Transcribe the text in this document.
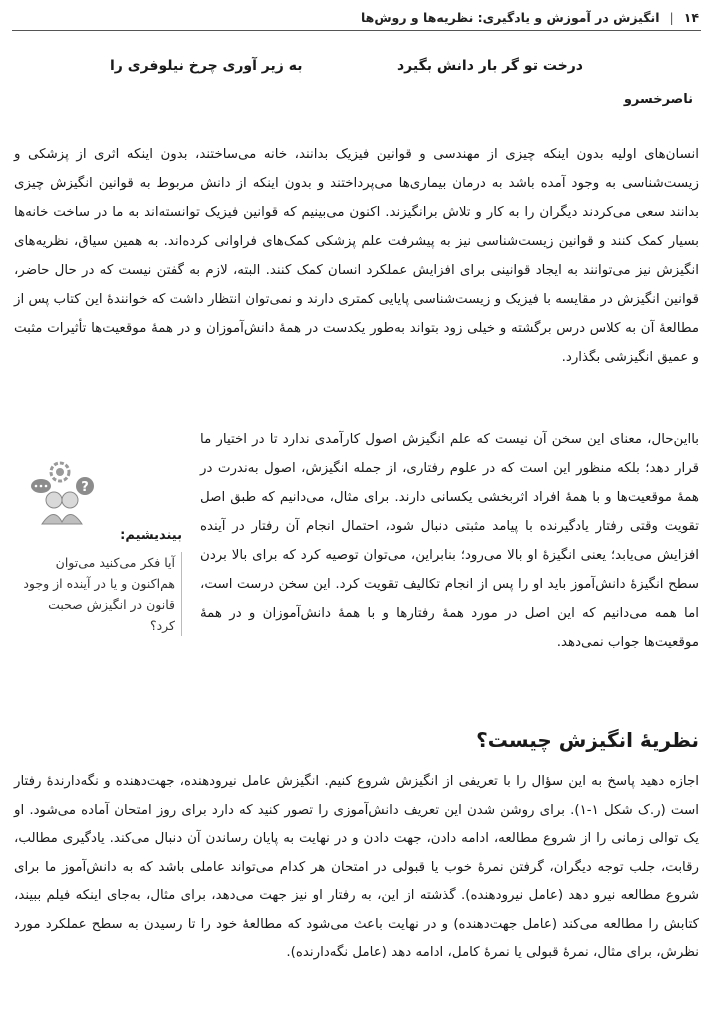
۱۴
|
انگیزش در آموزش و یادگیری: نظریه‌ها و روش‌ها
درخت تو گر بار دانش بگیرد
به زیر آوری چرخ نیلوفری را
ناصرخسرو
انسان‌های اولیه بدون اینکه چیزی از مهندسی و قوانین فیزیک بدانند، خانه می‌ساختند، بدون اینکه اثری از پزشکی و زیست‌شناسی به وجود آمده باشد به درمان بیماری‌ها می‌پرداختند و بدون اینکه از دانش مربوط به قوانین انگیزش چیزی بدانند سعی می‌کردند دیگران را به کار و تلاش برانگیزند. اکنون می‌بینیم که قوانین فیزیک توانسته‌اند به ما در ساخت خانه‌ها بسیار کمک کنند و قوانین زیست‌شناسی نیز به پیشرفت علم پزشکی کمک‌های فراوانی کرده‌اند. به همین سیاق، نظریه‌های انگیزش نیز می‌توانند به ایجاد قوانینی برای افزایش عملکرد انسان کمک کنند. البته، لازم به گفتن نیست که در حال حاضر، قوانین انگیزش در مقایسه با فیزیک و زیست‌شناسی پایایی کمتری دارند و نمی‌توان انتظار داشت که خوانندهٔ این کتاب پس از مطالعهٔ آن به کلاس درس برگشته و خیلی زود بتواند به‌طور یکدست در همهٔ دانش‌آموزان و در همهٔ موقعیت‌ها تأثیرات مثبت و عمیق انگیزشی بگذارد.
بااین‌حال، معنای این سخن آن نیست که علم انگیزش اصول کارآمدی ندارد تا در اختیار ما قرار دهد؛ بلکه منظور این است که در علوم رفتاری، از جمله انگیزش، اصول به‌ندرت در همهٔ موقعیت‌ها و با همهٔ افراد اثربخشی یکسانی دارند. برای مثال، می‌دانیم که طبق اصل تقویت وقتی رفتار یادگیرنده با پیامد مثبتی دنبال شود، احتمال انجام آن رفتار در آینده افزایش می‌یابد؛ یعنی انگیزهٔ او بالا می‌رود؛ بنابراین، می‌توان توصیه کرد که برای بالا بردن سطح انگیزهٔ دانش‌آموز باید او را پس از انجام تکالیف تقویت کرد. این سخن درست است، اما همه می‌دانیم که این اصل در مورد همهٔ رفتارها و با همهٔ دانش‌آموزان و در همهٔ موقعیت‌ها جواب نمی‌دهد.
?
بیندیشیم:
آیا فکر می‌کنید می‌توان هم‌اکنون و یا در آینده از وجود قانون در انگیزش صحبت کرد؟
نظریهٔ انگیزش چیست؟
اجازه دهید پاسخ به این سؤال را با تعریفی از انگیزش شروع کنیم. انگیزش عامل نیرودهنده، جهت‌دهنده و نگه‌دارندهٔ رفتار است (ر.ک شکل ۱-۱). برای روشن شدن این تعریف دانش‌آموزی را تصور کنید که دارد برای روز امتحان آماده می‌شود. او یک توالی زمانی را از شروع مطالعه، ادامه دادن، جهت دادن و در نهایت به پایان رساندن آن دنبال می‌کند. یادگیری مطالب، رقابت، جلب توجه دیگران، گرفتن نمرهٔ خوب یا قبولی در امتحان هر کدام می‌تواند عاملی باشد که به دانش‌آموز ما برای شروع مطالعه نیرو دهد (عامل نیرودهنده). گذشته از این، به رفتار او نیز جهت می‌دهد، برای مثال، به‌جای اینکه فیلم ببیند، کتابش را مطالعه می‌کند (عامل جهت‌دهنده) و در نهایت باعث می‌شود که مطالعهٔ خود را تا رسیدن به سطح عملکرد مورد نظرش، برای مثال، نمرهٔ قبولی یا نمرهٔ کامل، ادامه دهد (عامل نگه‌دارنده).
